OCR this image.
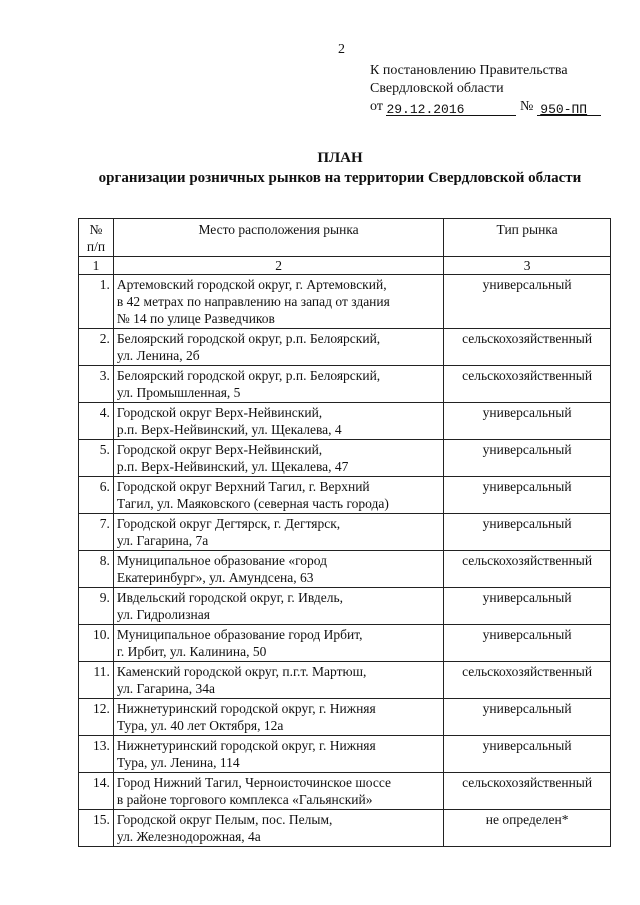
2
К постановлению Правительства
Свердловской области
от 29.12.2016	№ 950-ПП
ПЛАН
организации розничных рынков на территории Свердловской области
№
п/п	Место расположения рынка	Тип рынка
1	2	3
1.	Артемовский городской округ, г. Артемовский,
в 42 метрах по направлению на запад от здания
№ 14 по улице Разведчиков	универсальный
2.	Белоярский городской округ, р.п. Белоярский,
ул. Ленина, 2б	сельскохозяйственный
3.	Белоярский городской округ, р.п. Белоярский,
ул. Промышленная, 5	сельскохозяйственный
4.	Городской округ Верх-Нейвинский,
р.п. Верх-Нейвинский, ул. Щекалева, 4	универсальный
5.	Городской округ Верх-Нейвинский,
р.п. Верх-Нейвинский, ул. Щекалева, 47	универсальный
6.	Городской округ Верхний Тагил, г. Верхний
Тагил, ул. Маяковского (северная часть города)	универсальный
7.	Городской округ Дегтярск, г. Дегтярск,
ул. Гагарина, 7а	универсальный
8.	Муниципальное образование «город
Екатеринбург», ул. Амундсена, 63	сельскохозяйственный
9.	Ивдельский городской округ, г. Ивдель,
ул. Гидролизная	универсальный
10.	Муниципальное образование город Ирбит,
г. Ирбит, ул. Калинина, 50	универсальный
11.	Каменский городской округ, п.г.т. Мартюш,
ул. Гагарина, 34а	сельскохозяйственный
12.	Нижнетуринский городской округ, г. Нижняя
Тура, ул. 40 лет Октября, 12а	универсальный
13.	Нижнетуринский городской округ, г. Нижняя
Тура, ул. Ленина, 114	универсальный
14.	Город Нижний Тагил, Черноисточинское шоссе
в районе торгового комплекса «Гальянский»	сельскохозяйственный
15.	Городской округ Пелым, пос. Пелым,
ул. Железнодорожная, 4а	не определен*
